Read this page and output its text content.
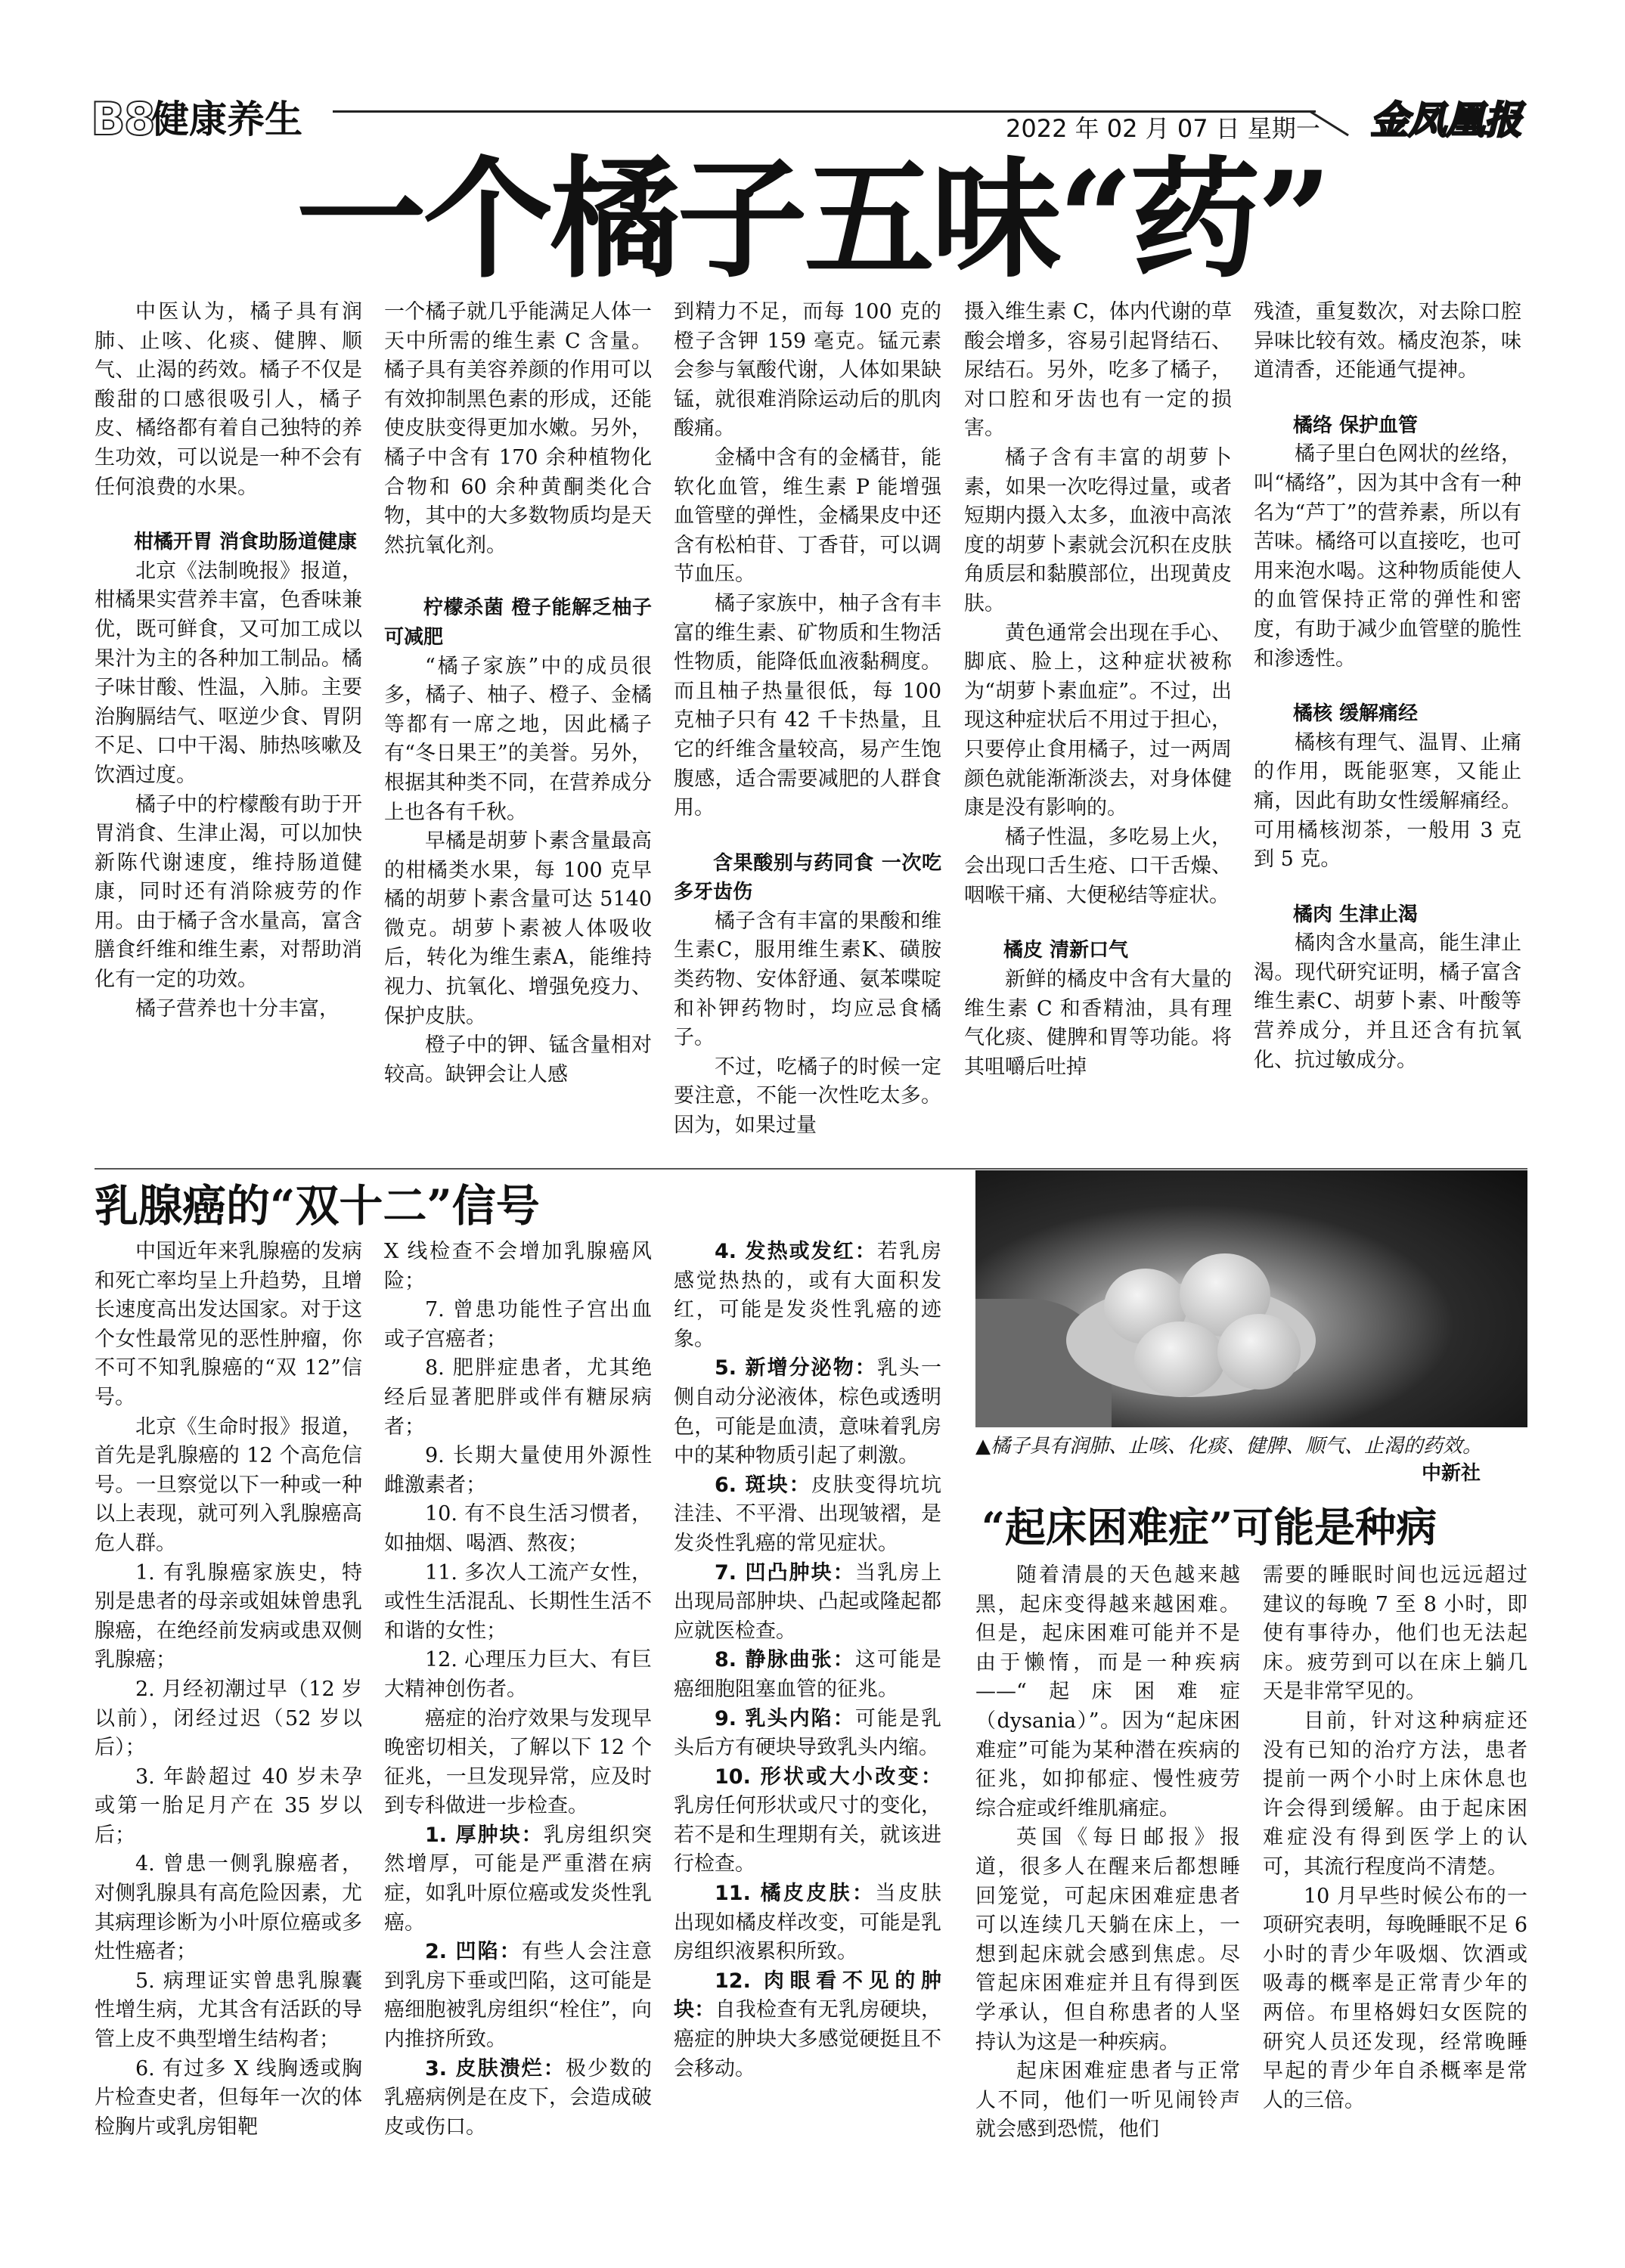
B8
健康养生	2022 年 02 月 07 日 星期一	金凤凰报
一个橘子五味“药”

中医认为，橘子具有润肺、止咳、化痰、健脾、顺气、止渴的药效。橘子不仅是酸甜的口感很吸引人，橘子皮、橘络都有着自己独特的养生功效，可以说是一种不会有任何浪费的水果。

柑橘开胃 消食助肠道健康

北京《法制晚报》报道，柑橘果实营养丰富，色香味兼优，既可鲜食，又可加工成以果汁为主的各种加工制品。橘子味甘酸、性温，入肺。主要治胸膈结气、呕逆少食、胃阴不足、口中干渴、肺热咳嗽及饮酒过度。

橘子中的柠檬酸有助于开胃消食、生津止渴，可以加快新陈代谢速度，维持肠道健康，同时还有消除疲劳的作用。由于橘子含水量高，富含膳食纤维和维生素，对帮助消化有一定的功效。

橘子营养也十分丰富，

一个橘子就几乎能满足人体一天中所需的维生素 C 含量。橘子具有美容养颜的作用可以有效抑制黑色素的形成，还能使皮肤变得更加水嫩。另外，橘子中含有 170 余种植物化合物和 60 余种黄酮类化合物，其中的大多数物质均是天然抗氧化剂。

柠檬杀菌 橙子能解乏柚子可减肥

“橘子家族”中的成员很多，橘子、柚子、橙子、金橘等都有一席之地，因此橘子有“冬日果王”的美誉。另外，根据其种类不同，在营养成分上也各有千秋。

早橘是胡萝卜素含量最高的柑橘类水果，每 100 克早橘的胡萝卜素含量可达 5140 微克。胡萝卜素被人体吸收后，转化为维生素A，能维持视力、抗氧化、增强免疫力、保护皮肤。

橙子中的钾、锰含量相对较高。缺钾会让人感

到精力不足，而每 100 克的橙子含钾 159 毫克。锰元素会参与氧酸代谢，人体如果缺锰，就很难消除运动后的肌肉酸痛。

金橘中含有的金橘苷，能软化血管，维生素 P 能增强血管壁的弹性，金橘果皮中还含有松柏苷、丁香苷，可以调节血压。

橘子家族中，柚子含有丰富的维生素、矿物质和生物活性物质，能降低血液黏稠度。而且柚子热量很低，每 100 克柚子只有 42 千卡热量，且它的纤维含量较高，易产生饱腹感，适合需要减肥的人群食用。

含果酸别与药同食 一次吃多牙齿伤

橘子含有丰富的果酸和维生素C，服用维生素K、磺胺类药物、安体舒通、氨苯喋啶和补钾药物时，均应忌食橘子。

不过，吃橘子的时候一定要注意，不能一次性吃太多。因为，如果过量

摄入维生素 C，体内代谢的草酸会增多，容易引起肾结石、尿结石。另外，吃多了橘子，对口腔和牙齿也有一定的损害。

橘子含有丰富的胡萝卜素，如果一次吃得过量，或者短期内摄入太多，血液中高浓度的胡萝卜素就会沉积在皮肤角质层和黏膜部位，出现黄皮肤。

黄色通常会出现在手心、脚底、脸上，这种症状被称为“胡萝卜素血症”。不过，出现这种症状后不用过于担心，只要停止食用橘子，过一两周颜色就能渐渐淡去，对身体健康是没有影响的。

橘子性温，多吃易上火，会出现口舌生疮、口干舌燥、咽喉干痛、大便秘结等症状。

橘皮 清新口气

新鲜的橘皮中含有大量的维生素 C 和香精油，具有理气化痰、健脾和胃等功能。将其咀嚼后吐掉

残渣，重复数次，对去除口腔异味比较有效。橘皮泡茶，味道清香，还能通气提神。

橘络 保护血管

橘子里白色网状的丝络，叫“橘络”，因为其中含有一种名为“芦丁”的营养素，所以有苦味。橘络可以直接吃，也可用来泡水喝。这种物质能使人的血管保持正常的弹性和密度，有助于减少血管壁的脆性和渗透性。

橘核 缓解痛经

橘核有理气、温胃、止痛的作用，既能驱寒，又能止痛，因此有助女性缓解痛经。可用橘核沏茶，一般用 3 克到 5 克。

橘肉 生津止渴

橘肉含水量高，能生津止渴。现代研究证明，橘子富含维生素C、胡萝卜素、叶酸等营养成分，并且还含有抗氧化、抗过敏成分。

乳腺癌的“双十二”信号

中国近年来乳腺癌的发病和死亡率均呈上升趋势，且增长速度高出发达国家。对于这个女性最常见的恶性肿瘤，你不可不知乳腺癌的“双 12”信号。

北京《生命时报》报道，首先是乳腺癌的 12 个高危信号。一旦察觉以下一种或一种以上表现，就可列入乳腺癌高危人群。

1. 有乳腺癌家族史，特别是患者的母亲或姐妹曾患乳腺癌，在绝经前发病或患双侧乳腺癌；

2. 月经初潮过早（12 岁以前），闭经过迟（52 岁以后）；

3. 年龄超过 40 岁未孕或第一胎足月产在 35 岁以后；

4. 曾患一侧乳腺癌者，对侧乳腺具有高危险因素，尤其病理诊断为小叶原位癌或多灶性癌者；

5. 病理证实曾患乳腺囊性增生病，尤其含有活跃的导管上皮不典型增生结构者；

6. 有过多 X 线胸透或胸片检查史者，但每年一次的体检胸片或乳房钼靶

X 线检查不会增加乳腺癌风险；

7. 曾患功能性子宫出血或子宫癌者；

8. 肥胖症患者，尤其绝经后显著肥胖或伴有糖尿病者；

9. 长期大量使用外源性雌激素者；

10. 有不良生活习惯者，如抽烟、喝酒、熬夜；

11. 多次人工流产女性，或性生活混乱、长期性生活不和谐的女性；

12. 心理压力巨大、有巨大精神创伤者。

癌症的治疗效果与发现早晚密切相关，了解以下 12 个征兆，一旦发现异常，应及时到专科做进一步检查。

1. 厚肿块：乳房组织突然增厚，可能是严重潜在病症，如乳叶原位癌或发炎性乳癌。

2. 凹陷：有些人会注意到乳房下垂或凹陷，这可能是癌细胞被乳房组织“栓住”，向内推挤所致。

3. 皮肤溃烂：极少数的乳癌病例是在皮下，会造成破皮或伤口。

4. 发热或发红：若乳房感觉热热的，或有大面积发红，可能是发炎性乳癌的迹象。

5. 新增分泌物：乳头一侧自动分泌液体，棕色或透明色，可能是血渍，意味着乳房中的某种物质引起了刺激。

6. 斑块：皮肤变得坑坑洼洼、不平滑、出现皱褶，是发炎性乳癌的常见症状。

7. 凹凸肿块：当乳房上出现局部肿块、凸起或隆起都应就医检查。

8. 静脉曲张：这可能是癌细胞阻塞血管的征兆。

9. 乳头内陷：可能是乳头后方有硬块导致乳头内缩。

10. 形状或大小改变：乳房任何形状或尺寸的变化，若不是和生理期有关，就该进行检查。

11. 橘皮皮肤：当皮肤出现如橘皮样改变，可能是乳房组织液累积所致。

12. 肉眼看不见的肿块：自我检查有无乳房硬块，癌症的肿块大多感觉硬挺且不会移动。

▲橘子具有润肺、止咳、化痰、健脾、顺气、止渴的药效。
中新社
“起床困难症”可能是种病

随着清晨的天色越来越黑，起床变得越来越困难。但是，起床困难可能并不是由于懒惰，而是一种疾病——“起床困难症（dysania）”。因为“起床困难症”可能为某种潜在疾病的征兆，如抑郁症、慢性疲劳综合症或纤维肌痛症。

英国《每日邮报》报道，很多人在醒来后都想睡回笼觉，可起床困难症患者可以连续几天躺在床上，一想到起床就会感到焦虑。尽管起床困难症并且有得到医学承认，但自称患者的人坚持认为这是一种疾病。

起床困难症患者与正常人不同，他们一听见闹铃声就会感到恐慌，他们

需要的睡眠时间也远远超过建议的每晚 7 至 8 小时，即使有事待办，他们也无法起床。疲劳到可以在床上躺几天是非常罕见的。

目前，针对这种病症还没有已知的治疗方法，患者提前一两个小时上床休息也许会得到缓解。由于起床困难症没有得到医学上的认可，其流行程度尚不清楚。

10 月早些时候公布的一项研究表明，每晚睡眠不足 6 小时的青少年吸烟、饮酒或吸毒的概率是正常青少年的两倍。布里格姆妇女医院的研究人员还发现，经常晚睡早起的青少年自杀概率是常人的三倍。
